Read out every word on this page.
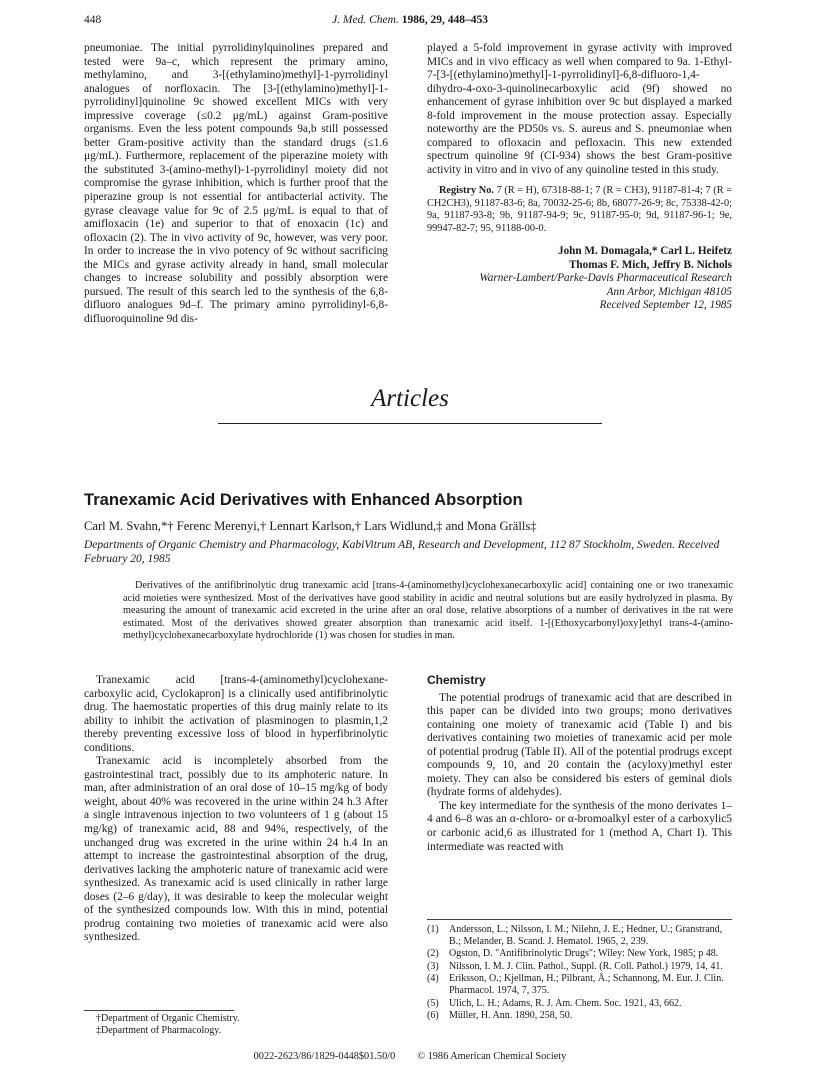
448	J. Med. Chem. 1986, 29, 448–453

pneumoniae. The initial pyrrolidinylquinolines prepared and tested were 9a–c, which represent the primary amino, methylamino, and 3-[(ethylamino)methyl]-1-pyrrolidinyl analogues of norfloxacin. The [3-[(ethylamino)methyl]-1-pyrrolidinyl]quinoline 9c showed excellent MICs with very impressive coverage (≤0.2 μg/mL) against Gram-positive organisms. Even the less potent compounds 9a,b still possessed better Gram-positive activity than the standard drugs (≤1.6 μg/mL). Furthermore, replacement of the piperazine moiety with the substituted 3-(amino-methyl)-1-pyrrolidinyl moiety did not compromise the gyrase inhibition, which is further proof that the piperazine group is not essential for antibacterial activity. The gyrase cleavage value for 9c of 2.5 μg/mL is equal to that of amifloxacin (1e) and superior to that of enoxacin (1c) and ofloxacin (2). The in vivo activity of 9c, however, was very poor. In order to increase the in vivo potency of 9c without sacrificing the MICs and gyrase activity already in hand, small molecular changes to increase solubility and possibly absorption were pursued. The result of this search led to the synthesis of the 6,8-difluoro analogues 9d–f. The primary amino pyrrolidinyl-6,8-difluoroquinoline 9d dis-

played a 5-fold improvement in gyrase activity with improved MICs and in vivo efficacy as well when compared to 9a. 1-Ethyl-7-[3-[(ethylamino)methyl]-1-pyrrolidinyl]-6,8-difluoro-1,4-dihydro-4-oxo-3-quinolinecarboxylic acid (9f) showed no enhancement of gyrase inhibition over 9c but displayed a marked 8-fold improvement in the mouse protection assay. Especially noteworthy are the PD50s vs. S. aureus and S. pneumoniae when compared to ofloxacin and pefloxacin. This new extended spectrum quinoline 9f (CI-934) shows the best Gram-positive activity in vitro and in vivo of any quinoline tested in this study.

Registry No. 7 (R = H), 67318-88-1; 7 (R = CH3), 91187-81-4; 7 (R = CH2CH3), 91187-83-6; 8a, 70032-25-6; 8b, 68077-26-9; 8c, 75338-42-0; 9a, 91187-93-8; 9b, 91187-94-9; 9c, 91187-95-0; 9d, 91187-96-1; 9e, 99947-82-7; 95, 91188-00-0.

John M. Domagala,* Carl L. Heifetz
Thomas F. Mich, Jeffry B. Nichols
Warner-Lambert/Parke-Davis Pharmaceutical Research
Ann Arbor, Michigan 48105
Received September 12, 1985
Articles
Tranexamic Acid Derivatives with Enhanced Absorption
Carl M. Svahn,*† Ferenc Merenyi,† Lennart Karlson,† Lars Widlund,‡ and Mona Grälls‡
Departments of Organic Chemistry and Pharmacology, KabiVitrum AB, Research and Development, 112 87 Stockholm, Sweden. Received February 20, 1985
Derivatives of the antifibrinolytic drug tranexamic acid [trans-4-(aminomethyl)cyclohexanecarboxylic acid] containing one or two tranexamic acid moieties were synthesized. Most of the derivatives have good stability in acidic and neutral solutions but are easily hydrolyzed in plasma. By measuring the amount of tranexamic acid excreted in the urine after an oral dose, relative absorptions of a number of derivatives in the rat were estimated. Most of the derivatives showed greater absorption than tranexamic acid itself. 1-[(Ethoxycarbonyl)oxy]ethyl trans-4-(amino-methyl)cyclohexanecarboxylate hydrochloride (1) was chosen for studies in man.

Tranexamic acid [trans-4-(aminomethyl)cyclohexane-carboxylic acid, Cyclokapron] is a clinically used antifibrinolytic drug. The haemostatic properties of this drug mainly relate to its ability to inhibit the activation of plasminogen to plasmin,1,2 thereby preventing excessive loss of blood in hyperfibrinolytic conditions.

Tranexamic acid is incompletely absorbed from the gastrointestinal tract, possibly due to its amphoteric nature. In man, after administration of an oral dose of 10–15 mg/kg of body weight, about 40% was recovered in the urine within 24 h.3 After a single intravenous injection to two volunteers of 1 g (about 15 mg/kg) of tranexamic acid, 88 and 94%, respectively, of the unchanged drug was excreted in the urine within 24 h.4 In an attempt to increase the gastrointestinal absorption of the drug, derivatives lacking the amphoteric nature of tranexamic acid were synthesized. As tranexamic acid is used clinically in rather large doses (2–6 g/day), it was desirable to keep the molecular weight of the synthesized compounds low. With this in mind, potential prodrug containing two moieties of tranexamic acid were also synthesized.

Chemistry

The potential prodrugs of tranexamic acid that are described in this paper can be divided into two groups; mono derivatives containing one moiety of tranexamic acid (Table I) and bis derivatives containing two moieties of tranexamic acid per mole of potential prodrug (Table II). All of the potential prodrugs except compounds 9, 10, and 20 contain the (acyloxy)methyl ester moiety. They can also be considered bis esters of geminal diols (hydrate forms of aldehydes).

The key intermediate for the synthesis of the mono derivates 1–4 and 6–8 was an α-chloro- or α-bromoalkyl ester of a carboxylic5 or carbonic acid,6 as illustrated for 1 (method A, Chart I). This intermediate was reacted with

(1) Andersson, L.; Nilsson, I. M.; Nilehn, J. E.; Hedner, U.; Granstrand, B.; Melander, B. Scand. J. Hematol. 1965, 2, 239.
(2) Ogston, D. "Antifibrinolytic Drugs"; Wiley: New York, 1985; p 48.
(3) Nilsson, I. M. J. Clin. Pathol., Suppl. (R. Coll. Pathol.) 1979, 14, 41.
(4) Eriksson, O.; Kjellman, H.; Pilbrant, Å.; Schannong, M. Eur. J. Clin. Pharmacol. 1974, 7, 375.
(5) Ulich, L. H.; Adams, R. J. Am. Chem. Soc. 1921, 43, 662.
(6) Müller, H. Ann. 1890, 258, 50.
†Department of Organic Chemistry.
‡Department of Pharmacology.
0022-2623/86/1829-0448$01.50/0 © 1986 American Chemical Society
